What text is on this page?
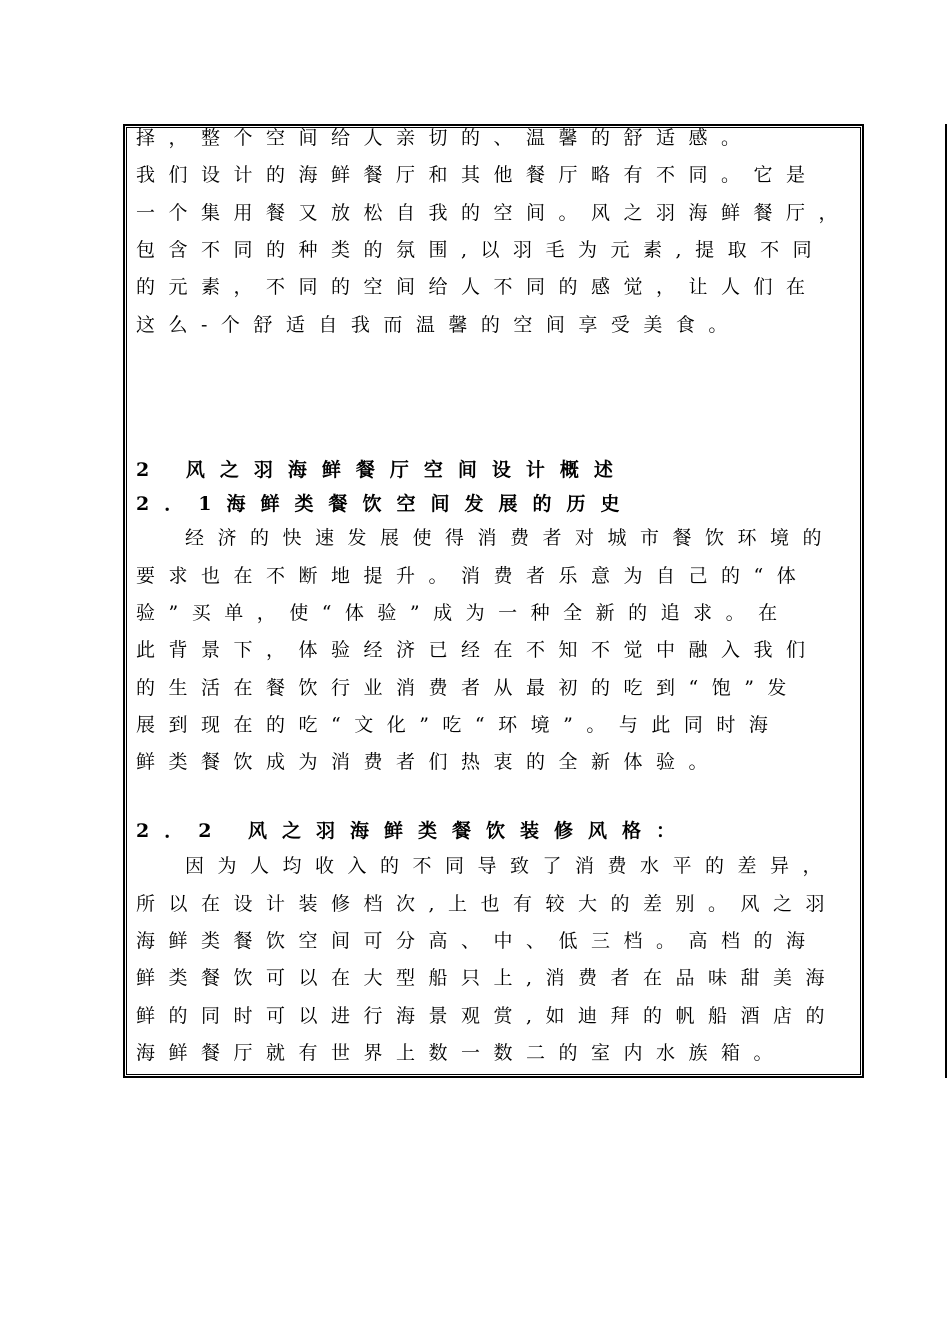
择，整个空间给人亲切的、温馨的舒适感。
我们设计的海鲜餐厅和其他餐厅略有不同。它是
一个集用餐又放松自我的空间。风之羽海鲜餐厅，
包含不同的种类的氛围,以羽毛为元素,提取不同
的元素，不同的空间给人不同的感觉，让人们在
这么-个舒适自我而温馨的空间享受美食。
2 风之羽海鲜餐厅空间设计概述
2．1海鲜类餐饮空间发展的历史
经济的快速发展使得消费者对城市餐饮环境的
要求也在不断地提升。消费者乐意为自己的“体
验”买单，使“体验”成为一种全新的追求。在
此背景下，体验经济已经在不知不觉中融入我们
的生活在餐饮行业消费者从最初的吃到“饱”发
展到现在的吃“文化”吃“环境”。与此同时海
鲜类餐饮成为消费者们热衷的全新体验。
2．2 风之羽海鲜类餐饮装修风格：
因为人均收入的不同导致了消费水平的差异，
所以在设计装修档次,上也有较大的差别。风之羽
海鲜类餐饮空间可分高、中、低三档。高档的海
鲜类餐饮可以在大型船只上,消费者在品味甜美海
鲜的同时可以进行海景观赏,如迪拜的帆船酒店的
海鲜餐厅就有世界上数一数二的室内水族箱。
